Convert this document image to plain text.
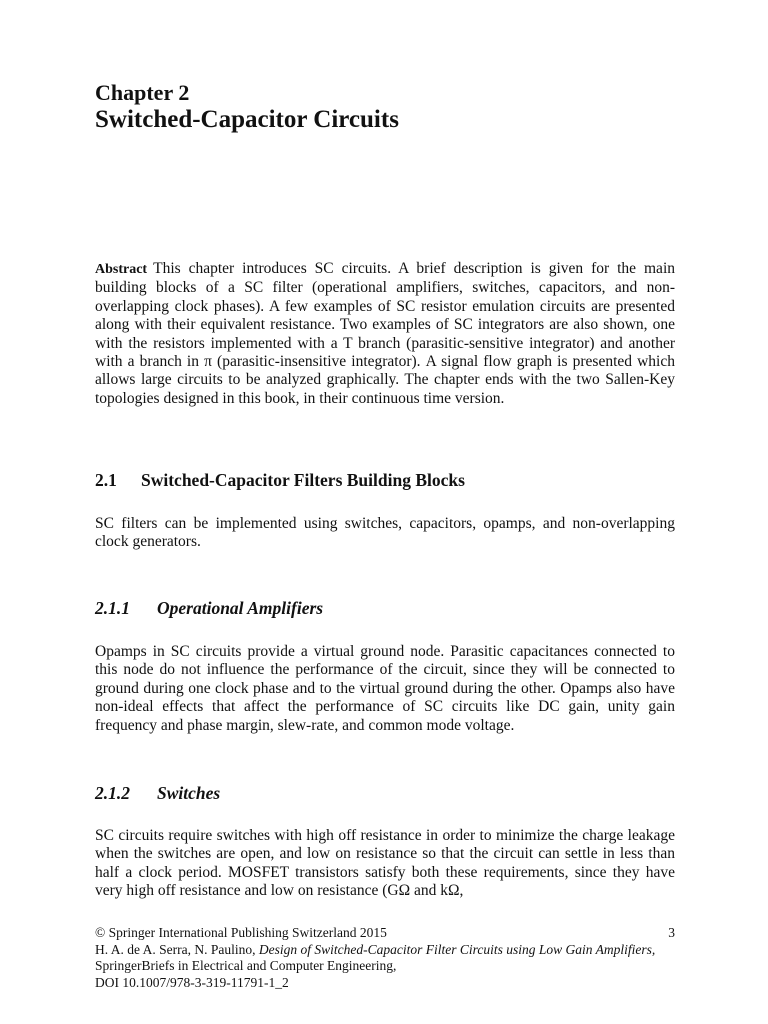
Chapter 2
Switched-Capacitor Circuits
Abstract This chapter introduces SC circuits. A brief description is given for the main building blocks of a SC filter (operational amplifiers, switches, capacitors, and non-overlapping clock phases). A few examples of SC resistor emulation circuits are presented along with their equivalent resistance. Two examples of SC integrators are also shown, one with the resistors implemented with a T branch (parasitic-sensitive integrator) and another with a branch in π (parasitic-insensitive integrator). A signal flow graph is presented which allows large circuits to be analyzed graphically. The chapter ends with the two Sallen-Key topologies designed in this book, in their continuous time version.
2.1 Switched-Capacitor Filters Building Blocks
SC filters can be implemented using switches, capacitors, opamps, and non-overlapping clock generators.
2.1.1 Operational Amplifiers
Opamps in SC circuits provide a virtual ground node. Parasitic capacitances connected to this node do not influence the performance of the circuit, since they will be connected to ground during one clock phase and to the virtual ground during the other. Opamps also have non-ideal effects that affect the performance of SC circuits like DC gain, unity gain frequency and phase margin, slew-rate, and common mode voltage.
2.1.2 Switches
SC circuits require switches with high off resistance in order to minimize the charge leakage when the switches are open, and low on resistance so that the circuit can settle in less than half a clock period. MOSFET transistors satisfy both these requirements, since they have very high off resistance and low on resistance (GΩ and kΩ,
3
© Springer International Publishing Switzerland 2015
H. A. de A. Serra, N. Paulino, Design of Switched-Capacitor Filter Circuits using Low Gain Amplifiers, SpringerBriefs in Electrical and Computer Engineering,
DOI 10.1007/978-3-319-11791-1_2
